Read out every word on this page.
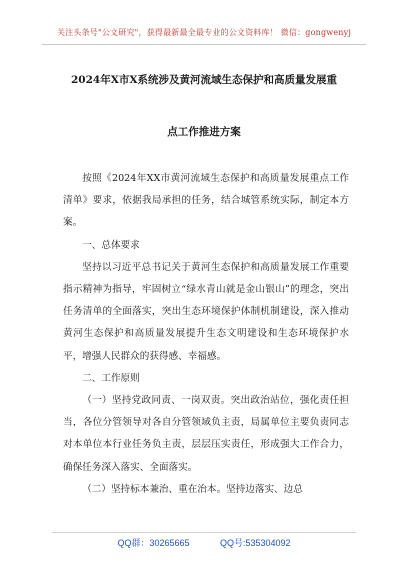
关注头条号"公文研究"，获得最新最全最专业的公文资料库！ 微信：gongwenyj
2024年X市X系统涉及黄河流域生态保护和高质量发展重
点工作推进方案

按照《2024年XX市黄河流域生态保护和高质量发展重点工作清单》要求，依据我局承担的任务，结合城管系统实际，制定本方案。

一、总体要求

坚持以习近平总书记关于黄河生态保护和高质量发展工作重要指示精神为指导，牢固树立“绿水青山就是金山银山”的理念，突出任务清单的全面落实，突出生态环境保护体制机制建设，深入推动黄河生态保护和高质量发展提升生态文明建设和生态环境保护水平，增强人民群众的获得感、幸福感。

二、工作原则

（一）坚持党政同责、一岗双责。突出政治站位，强化责任担当，各位分管领导对各自分管领域负主责，局属单位主要负责同志对本单位本行业任务负主责，层层压实责任，形成强大工作合力，确保任务深入落实、全面落实。

（二）坚持标本兼治、重在治本。坚持边落实、边总

QQ群：30265665	QQ号:535304092
